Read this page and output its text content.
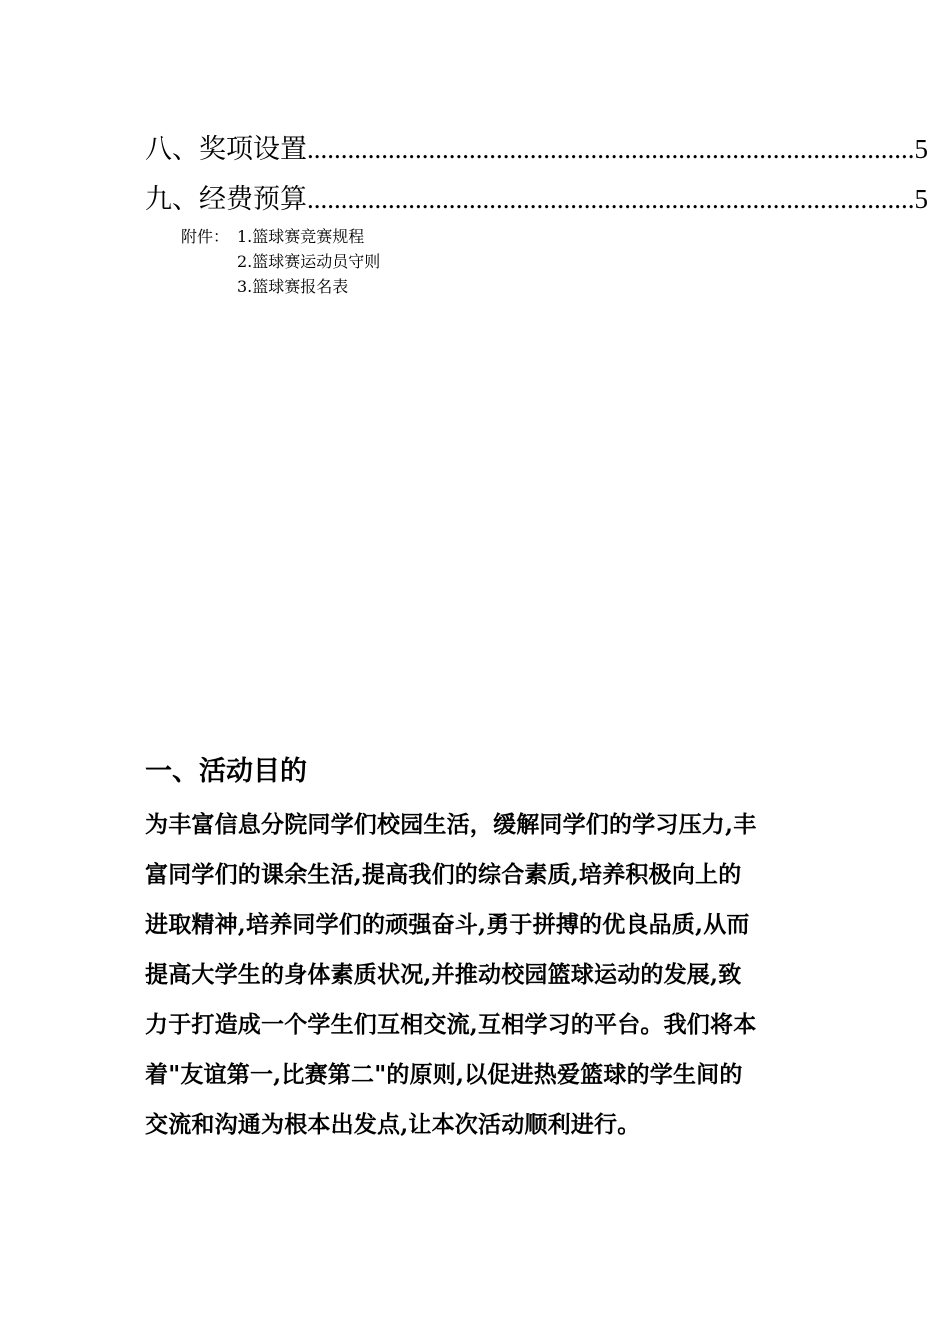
八、奖项设置 .......................................................................................... 5
九、经费预算 .......................................................................................... 5
附件： 1.篮球赛竞赛规程
2.篮球赛运动员守则
3.篮球赛报名表
一、活动目的
为丰富信息分院同学们校园生活，缓解同学们的学习压力,丰
富同学们的课余生活,提高我们的综合素质,培养积极向上的
进取精神,培养同学们的顽强奋斗,勇于拼搏的优良品质,从而
提高大学生的身体素质状况,并推动校园篮球运动的发展,致
力于打造成一个学生们互相交流,互相学习的平台。我们将本
着"友谊第一,比赛第二"的原则,以促进热爱篮球的学生间的
交流和沟通为根本出发点,让本次活动顺利进行。
